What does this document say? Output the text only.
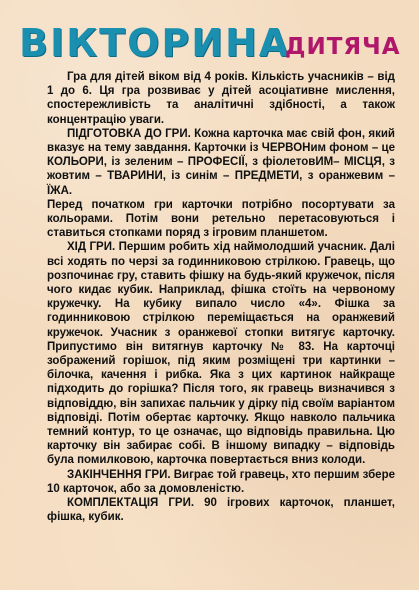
ВІКТОРИНА
ДИТЯЧА

Гра для дітей віком від 4 років. Кількість учасників – від 1 до 6. Ця гра розвиває у дітей асоціативне мислення, спостережливість та аналітичні здібності, а також концентрацію уваги.

ПІДГОТОВКА ДО ГРИ. Кожна карточка має свій фон, який вказує на тему завдання. Карточки із ЧЕРВОНим фоном – це КОЛЬОРИ, із зеленим – ПРОФЕСІЇ, з фіолетовИМ– МІСЦЯ, з жовтим – ТВАРИНИ, із синім – ПРЕДМЕТИ, з оранжевим – ЇЖА.

Перед початком гри карточки потрібно посортувати за кольорами. Потім вони ретельно перетасовуються і ставиться стопками поряд з ігровим планшетом.

ХІД ГРИ. Першим робить хід наймолодший учасник. Далі всі ходять по черзі за годинниковою стрілкою. Гравець, що розпочинає гру, ставить фішку на будь-який кружечок, після чого кидає кубик. Наприклад, фішка стоїть на червоному кружечку. На кубику випало число «4». Фішка за годинниковою стрілкою переміщається на оранжевий кружечок. Учасник з оранжевої стопки витягує карточку. Припустимо він витягнув карточку № 83. На карточці зображений горішок, під яким розміщені три картинки – білочка, качення і рибка. Яка з цих картинок найкраще підходить до горішка? Після того, як гравець визначився з відповіддю, він запихає пальчик у дірку під своїм варіантом відповіді. Потім обертає карточку. Якщо навколо пальчика темний контур, то це означає, що відповідь правильна. Цю карточку він забирає собі. В іншому випадку – відповідь була помилковою, карточка повертається вниз колоди.

ЗАКІНЧЕННЯ ГРИ. Виграє той гравець, хто першим збере 10 карточок, або за домовленістю.

КОМПЛЕКТАЦІЯ ГРИ. 90 ігрових карточок, планшет, фішка, кубик.
